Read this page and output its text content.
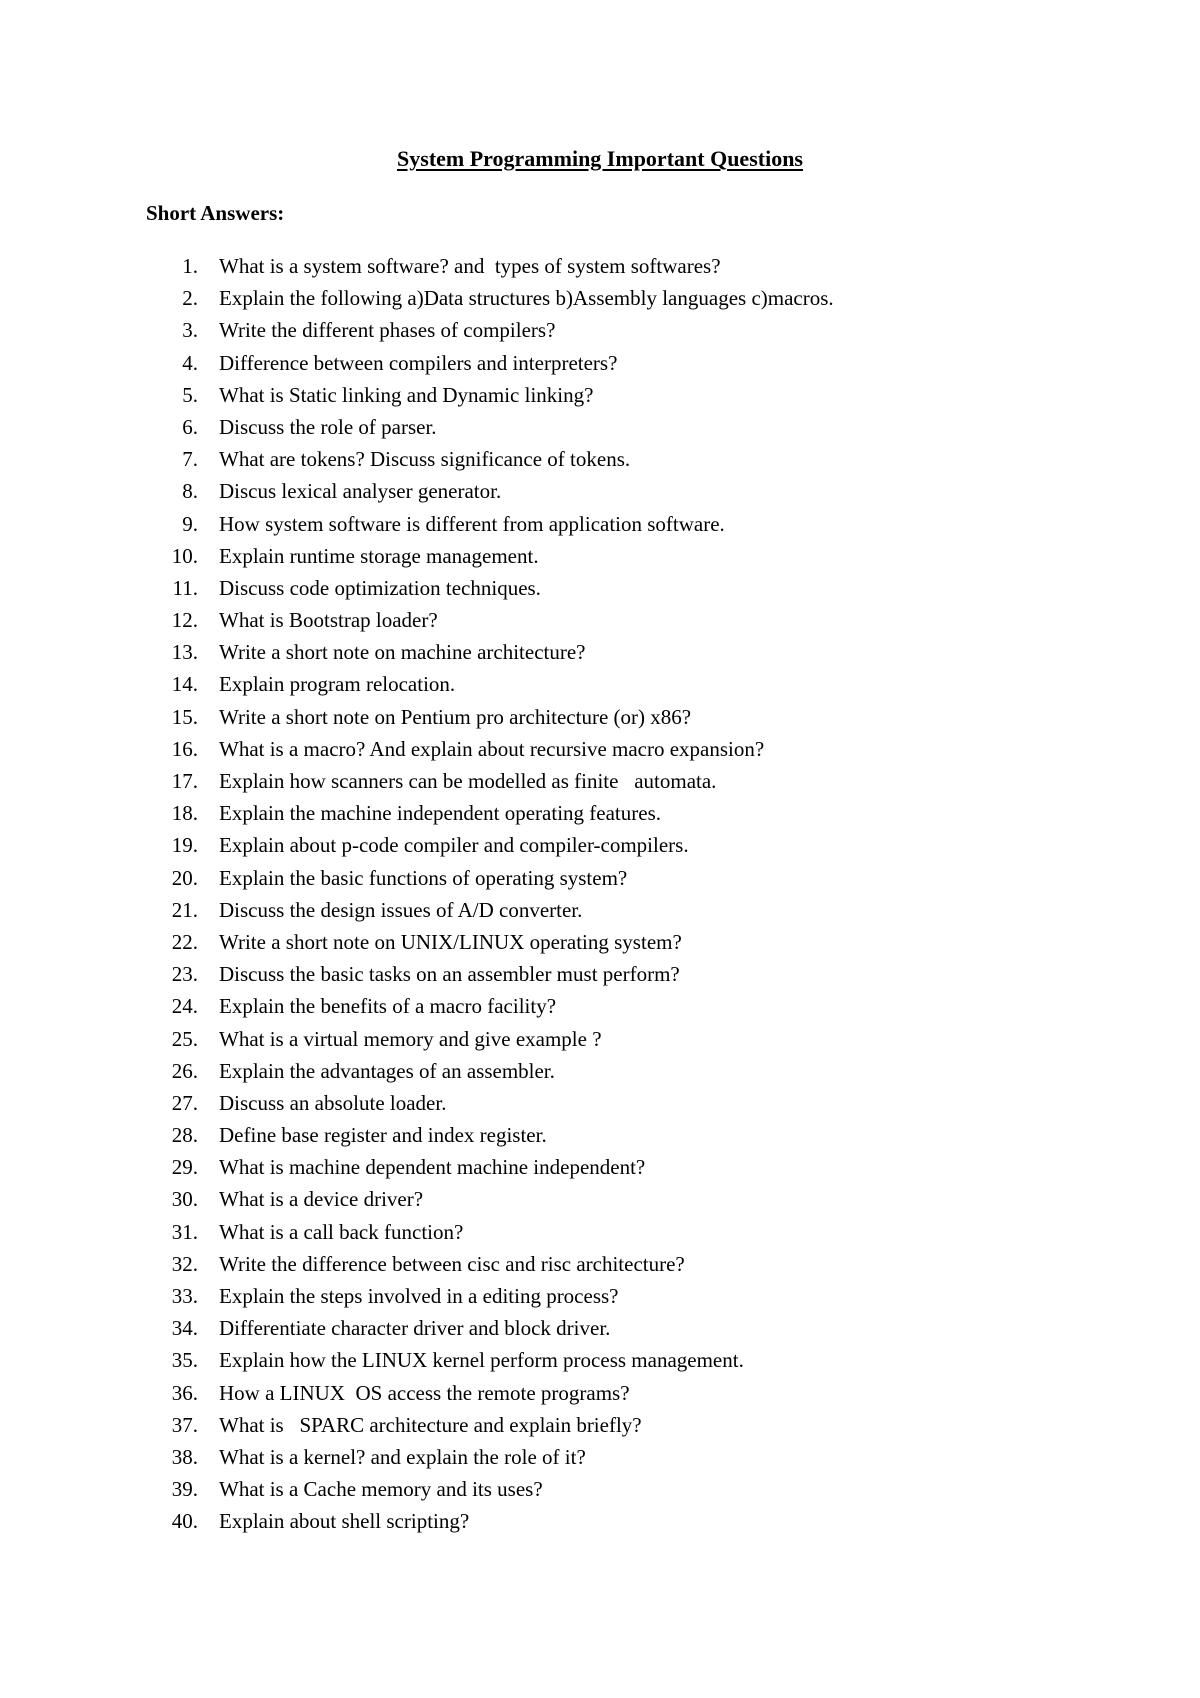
System Programming Important Questions
Short Answers:
1. What is a system software? and  types of system softwares?
2. Explain the following a)Data structures b)Assembly languages c)macros.
3. Write the different phases of compilers?
4. Difference between compilers and interpreters?
5. What is Static linking and Dynamic linking?
6. Discuss the role of parser.
7. What are tokens? Discuss significance of tokens.
8. Discus lexical analyser generator.
9. How system software is different from application software.
10. Explain runtime storage management.
11. Discuss code optimization techniques.
12. What is Bootstrap loader?
13. Write a short note on machine architecture?
14. Explain program relocation.
15. Write a short note on Pentium pro architecture (or) x86?
16. What is a macro? And explain about recursive macro expansion?
17. Explain how scanners can be modelled as finite   automata.
18. Explain the machine independent operating features.
19. Explain about p-code compiler and compiler-compilers.
20. Explain the basic functions of operating system?
21. Discuss the design issues of A/D converter.
22. Write a short note on UNIX/LINUX operating system?
23. Discuss the basic tasks on an assembler must perform?
24. Explain the benefits of a macro facility?
25. What is a virtual memory and give example ?
26. Explain the advantages of an assembler.
27. Discuss an absolute loader.
28. Define base register and index register.
29. What is machine dependent machine independent?
30. What is a device driver?
31. What is a call back function?
32. Write the difference between cisc and risc architecture?
33. Explain the steps involved in a editing process?
34. Differentiate character driver and block driver.
35. Explain how the LINUX kernel perform process management.
36. How a LINUX  OS access the remote programs?
37. What is   SPARC architecture and explain briefly?
38. What is a kernel? and explain the role of it?
39. What is a Cache memory and its uses?
40. Explain about shell scripting?
